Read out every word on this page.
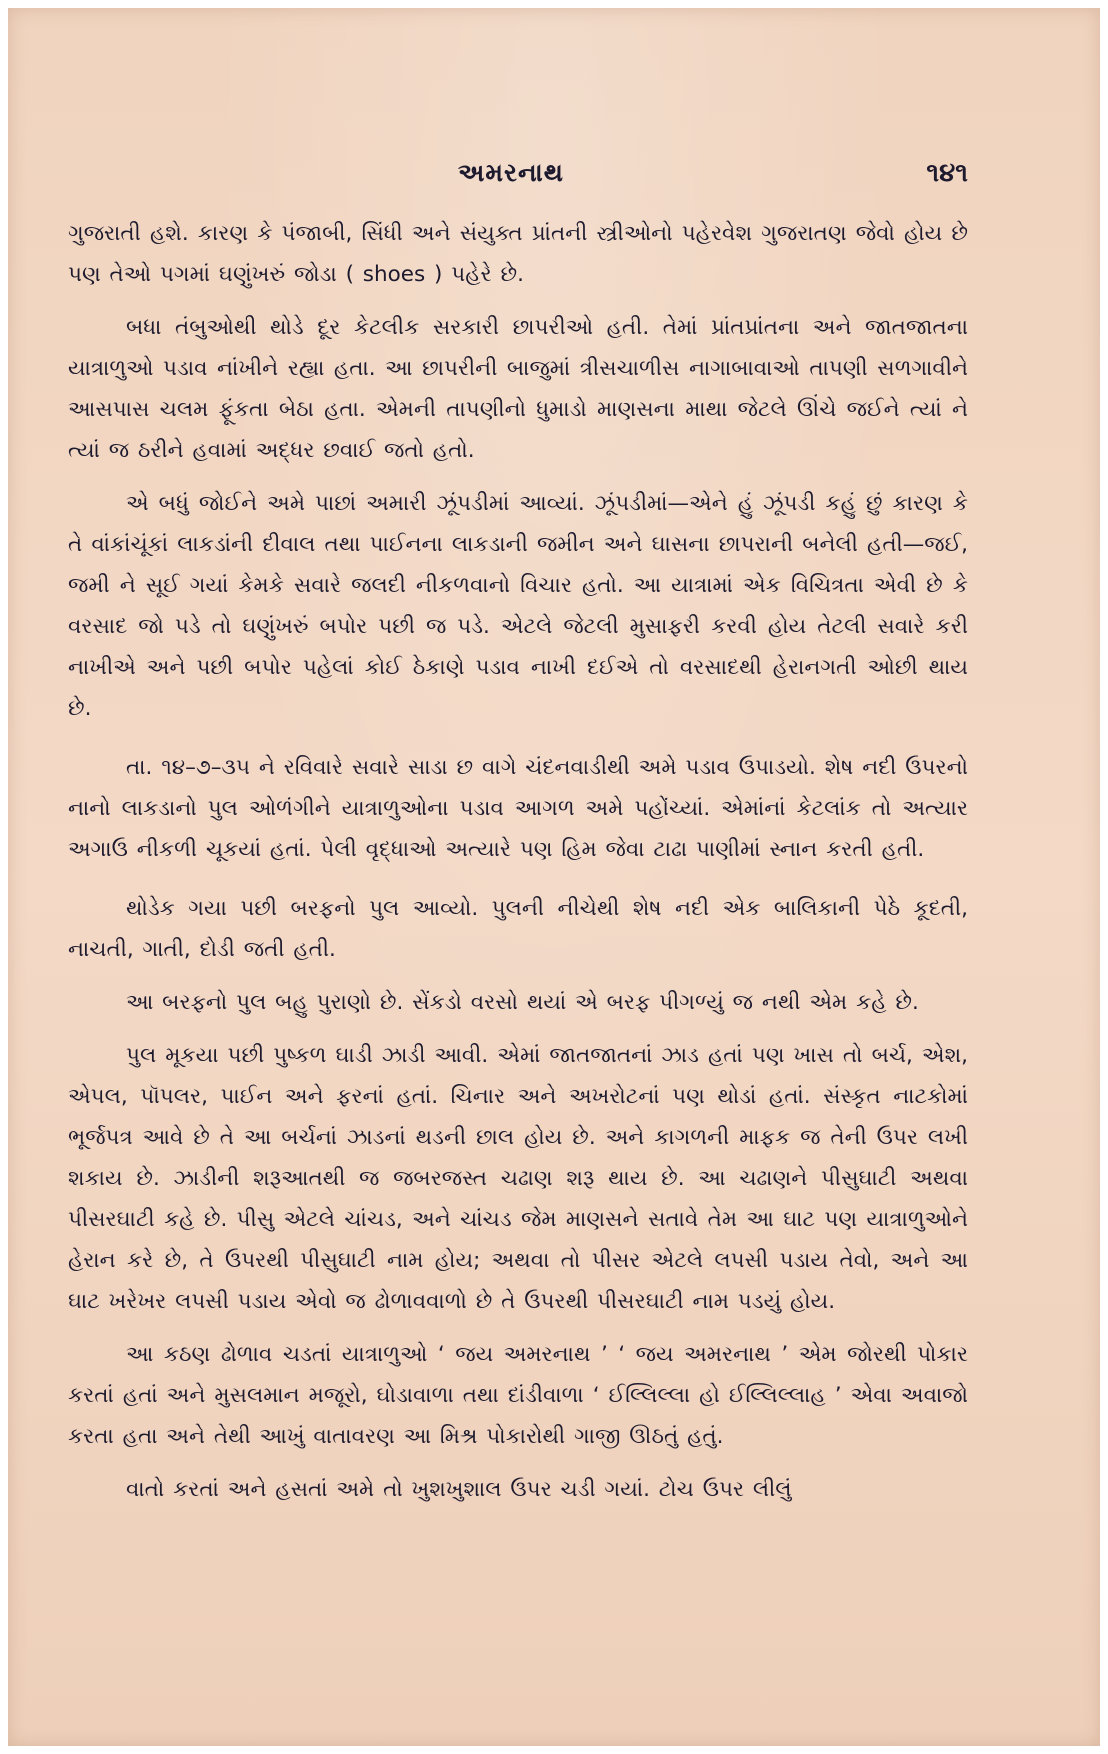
અમરનાથ	૧૪૧

ગુજરાતી હશે. કારણ કે પંજાબી, સિંધી અને સંયુક્ત પ્રાંતની સ્ત્રીઓનો પહેરવેશ ગુજરાતણ જેવો હોય છે પણ તેઓ પગમાં ઘણુંખરું જોડા ( shoes ) પહેરે છે.

બધા તંબુઓથી થોડે દૂર કેટલીક સરકારી છાપરીઓ હતી. તેમાં પ્રાંતપ્રાંતના અને જાતજાતના યાત્રાળુઓ પડાવ નાંખીને રહ્યા હતા. આ છાપરીની બાજુમાં ત્રીસચાળીસ નાગાબાવાઓ તાપણી સળગાવીને આસપાસ ચલમ ફૂંકતા બેઠા હતા. એમની તાપણીનો ધુમાડો માણસના માથા જેટલે ઊંચે જઈને ત્યાં ને ત્યાં જ ઠરીને હવામાં અદ્ધર છવાઈ જતો હતો.

એ બધું જોઈને અમે પાછાં અમારી ઝૂંપડીમાં આવ્યાં. ઝૂંપડીમાં—એને હું ઝૂંપડી કહું છું કારણ કે તે વાંકાંચૂંકાં લાકડાંની દીવાલ તથા પાઈનના લાકડાની જમીન અને ઘાસના છાપરાની બનેલી હતી—જઈ, જમી ને સૂઈ ગયાં કેમકે સવારે જલદી નીકળવાનો વિચાર હતો. આ યાત્રામાં એક વિચિત્રતા એવી છે કે વરસાદ જો પડે તો ઘણુંખરું બપોર પછી જ પડે. એટલે જેટલી મુસાફરી કરવી હોય તેટલી સવારે કરી નાખીએ અને પછી બપોર પહેલાં કોઈ ઠેકાણે પડાવ નાખી દઈએ તો વરસાદથી હેરાનગતી ઓછી થાય છે.

તા. ૧૪–૭–૩૫ ને રવિવારે સવારે સાડા છ વાગે ચંદનવાડીથી અમે પડાવ ઉપાડયો. શેષ નદી ઉપરનો નાનો લાકડાનો પુલ ઓળંગીને યાત્રાળુઓના પડાવ આગળ અમે પહોંચ્યાં. એમાંનાં કેટલાંક તો અત્યાર અગાઉ નીકળી ચૂકયાં હતાં. પેલી વૃદ્ધાઓ અત્યારે પણ હિમ જેવા ટાઢા પાણીમાં સ્નાન કરતી હતી.

થોડેક ગયા પછી બરફનો પુલ આવ્યો. પુલની નીચેથી શેષ નદી એક બાલિકાની પેઠે કૂદતી, નાચતી, ગાતી, દોડી જતી હતી.

આ બરફનો પુલ બહુ પુરાણો છે. સેંકડો વરસો થયાં એ બરફ પીગળ્યું જ નથી એમ કહે છે.

પુલ મૂકયા પછી પુષ્કળ ઘાડી ઝાડી આવી. એમાં જાતજાતનાં ઝાડ હતાં પણ ખાસ તો બર્ચ, એશ, એપલ, પૉપલર, પાઈન અને ફરનાં હતાં. ચિનાર અને અખરોટનાં પણ થોડાં હતાં. સંસ્કૃત નાટકોમાં ભૂર્જપત્ર આવે છે તે આ બર્ચનાં ઝાડનાં થડની છાલ હોય છે. અને કાગળની માફક જ તેની ઉપર લખી શકાય છે. ઝાડીની શરૂઆતથી જ જબરજસ્ત ચઢાણ શરૂ થાય છે. આ ચઢાણને પીસુઘાટી અથવા પીસરઘાટી કહે છે. પીસુ એટલે ચાંચડ, અને ચાંચડ જેમ માણસને સતાવે તેમ આ ઘાટ પણ યાત્રાળુઓને હેરાન કરે છે, તે ઉપરથી પીસુઘાટી નામ હોય; અથવા તો પીસર એટલે લપસી પડાય તેવો, અને આ ઘાટ ખરેખર લપસી પડાય એવો જ ઢોળાવવાળો છે તે ઉપરથી પીસરઘાટી નામ પડયું હોય.

આ કઠણ ઢોળાવ ચડતાં યાત્રાળુઓ ‘ જય અમરનાથ ’ ‘ જય અમરનાથ ’ એમ જોરથી પોકાર કરતાં હતાં અને મુસલમાન મજૂરો, ઘોડાવાળા તથા દાંડીવાળા ‘ ઈલ્લિલ્લા હો ઈલ્લિલ્લાહ ’ એવા અવાજો કરતા હતા અને તેથી આખું વાતાવરણ આ મિશ્ર પોકારોથી ગાજી ઊઠતું હતું.

વાતો કરતાં અને હસતાં અમે તો ખુશખુશાલ ઉપર ચડી ગયાં. ટોચ ઉપર લીલું
